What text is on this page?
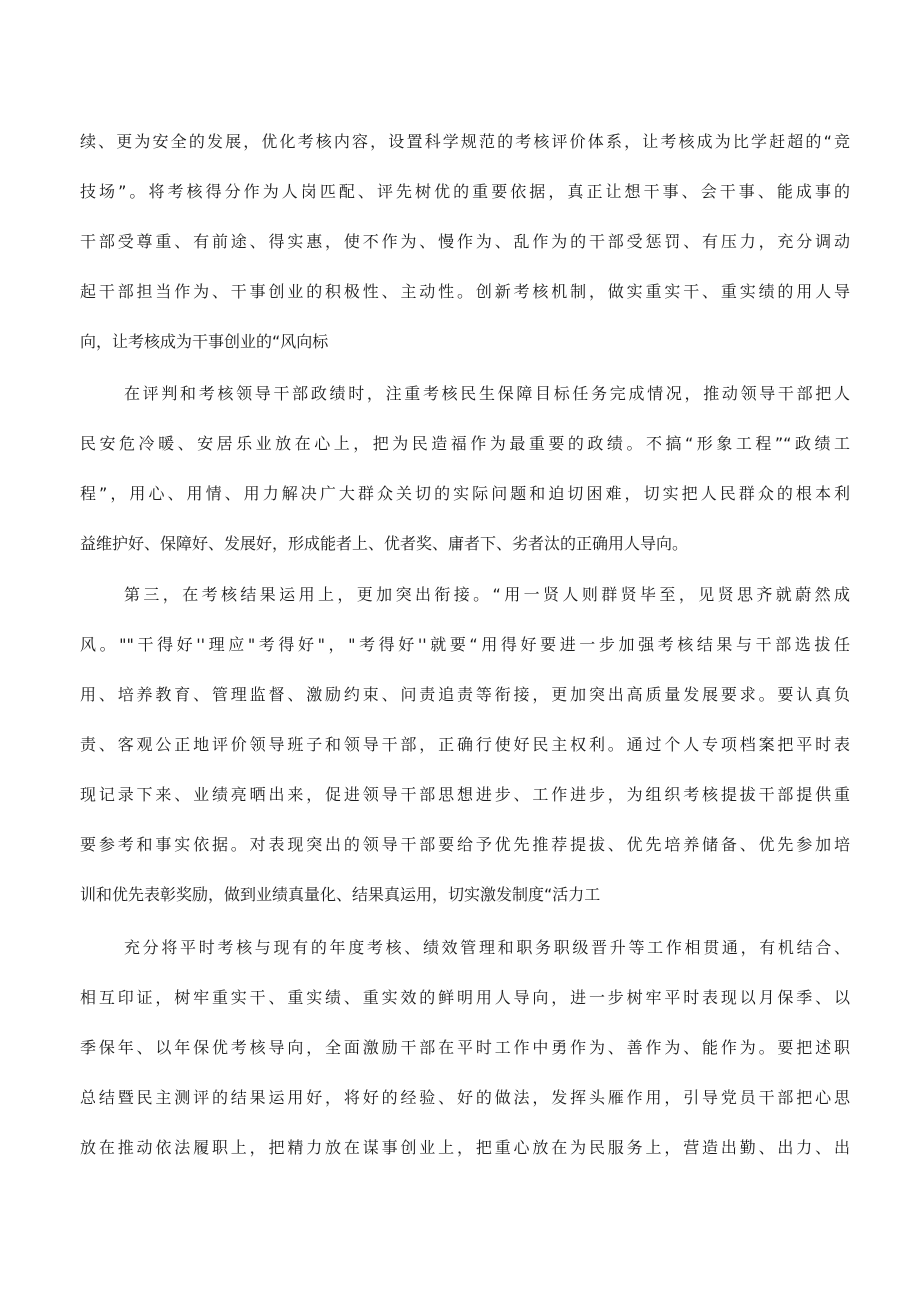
续、更为安全的发展，优化考核内容，设置科学规范的考核评价体系，让考核成为比学赶超的“竞
技场”。将考核得分作为人岗匹配、评先树优的重要依据，真正让想干事、会干事、能成事的
干部受尊重、有前途、得实惠，使不作为、慢作为、乱作为的干部受惩罚、有压力，充分调动
起干部担当作为、干事创业的积极性、主动性。创新考核机制，做实重实干、重实绩的用人导
向，让考核成为干事创业的“风向标
在评判和考核领导干部政绩时，注重考核民生保障目标任务完成情况，推动领导干部把人
民安危冷暖、安居乐业放在心上，把为民造福作为最重要的政绩。不搞“形象工程”“政绩工
程”，用心、用情、用力解决广大群众关切的实际问题和迫切困难，切实把人民群众的根本利
益维护好、保障好、发展好，形成能者上、优者奖、庸者下、劣者汰的正确用人导向。
第三，在考核结果运用上，更加突出衔接。“用一贤人则群贤毕至，见贤思齐就蔚然成
风。""干得好''理应"考得好"，"考得好''就要“用得好要进一步加强考核结果与干部选拔任
用、培养教育、管理监督、激励约束、问责追责等衔接，更加突出高质量发展要求。要认真负
责、客观公正地评价领导班子和领导干部，正确行使好民主权利。通过个人专项档案把平时表
现记录下来、业绩亮晒出来，促进领导干部思想进步、工作进步，为组织考核提拔干部提供重
要参考和事实依据。对表现突出的领导干部要给予优先推荐提拔、优先培养储备、优先参加培
训和优先表彰奖励，做到业绩真量化、结果真运用，切实激发制度“活力工
充分将平时考核与现有的年度考核、绩效管理和职务职级晋升等工作相贯通，有机结合、
相互印证，树牢重实干、重实绩、重实效的鲜明用人导向，进一步树牢平时表现以月保季、以
季保年、以年保优考核导向，全面激励干部在平时工作中勇作为、善作为、能作为。要把述职
总结暨民主测评的结果运用好，将好的经验、好的做法，发挥头雁作用，引导党员干部把心思
放在推动依法履职上，把精力放在谋事创业上，把重心放在为民服务上，营造出勤、出力、出
